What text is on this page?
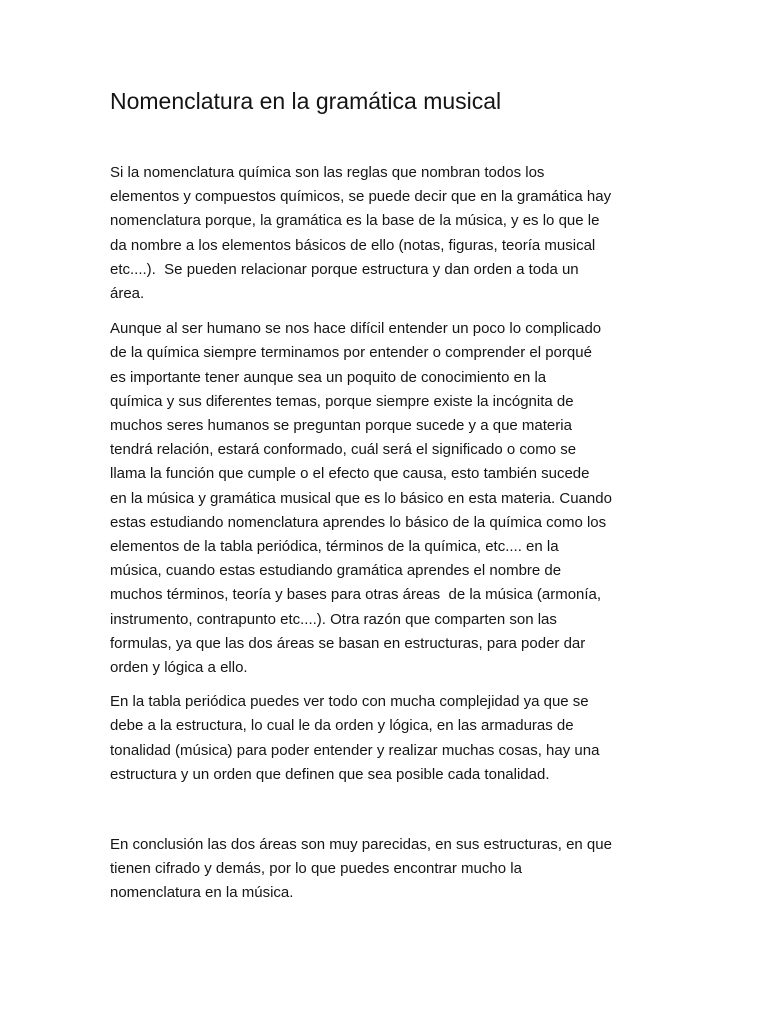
Nomenclatura en la gramática musical

Si la nomenclatura química son las reglas que nombran todos los
elementos y compuestos químicos, se puede decir que en la gramática hay
nomenclatura porque, la gramática es la base de la música, y es lo que le
da nombre a los elementos básicos de ello (notas, figuras, teoría musical
etc....).  Se pueden relacionar porque estructura y dan orden a toda un
área.

Aunque al ser humano se nos hace difícil entender un poco lo complicado
de la química siempre terminamos por entender o comprender el porqué
es importante tener aunque sea un poquito de conocimiento en la
química y sus diferentes temas, porque siempre existe la incógnita de
muchos seres humanos se preguntan porque sucede y a que materia
tendrá relación, estará conformado, cuál será el significado o como se
llama la función que cumple o el efecto que causa, esto también sucede
en la música y gramática musical que es lo básico en esta materia. Cuando
estas estudiando nomenclatura aprendes lo básico de la química como los
elementos de la tabla periódica, términos de la química, etc.... en la
música, cuando estas estudiando gramática aprendes el nombre de
muchos términos, teoría y bases para otras áreas  de la música (armonía,
instrumento, contrapunto etc....). Otra razón que comparten son las
formulas, ya que las dos áreas se basan en estructuras, para poder dar
orden y lógica a ello.

En la tabla periódica puedes ver todo con mucha complejidad ya que se
debe a la estructura, lo cual le da orden y lógica, en las armaduras de
tonalidad (música) para poder entender y realizar muchas cosas, hay una
estructura y un orden que definen que sea posible cada tonalidad.

En conclusión las dos áreas son muy parecidas, en sus estructuras, en que
tienen cifrado y demás, por lo que puedes encontrar mucho la
nomenclatura en la música.
